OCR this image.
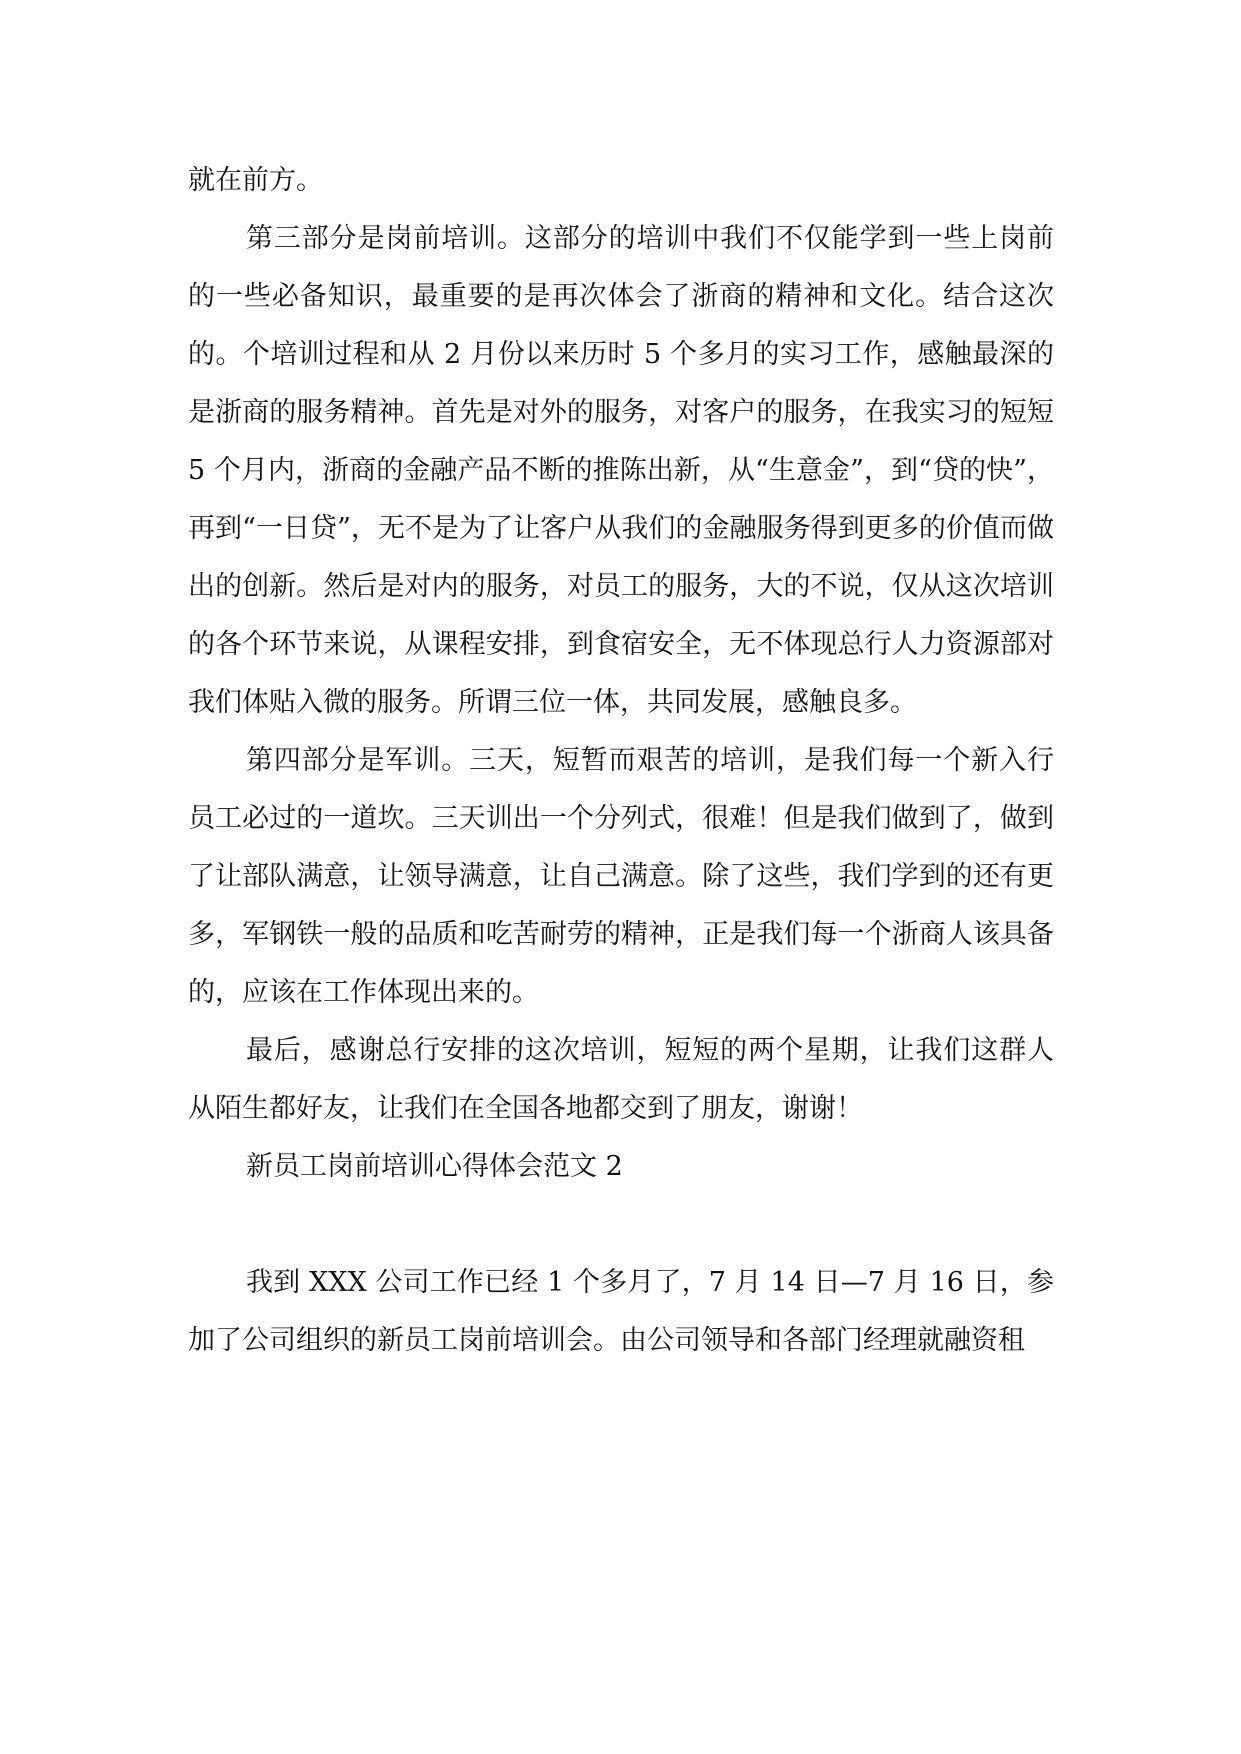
就在前方。

第三部分是岗前培训。这部分的培训中我们不仅能学到一些上岗前的一些必备知识，最重要的是再次体会了浙商的精神和文化。结合这次的。个培训过程和从 2 月份以来历时 5 个多月的实习工作，感触最深的是浙商的服务精神。首先是对外的服务，对客户的服务，在我实习的短短 5 个月内，浙商的金融产品不断的推陈出新，从“生意金”，到“贷的快”，再到“一日贷”，无不是为了让客户从我们的金融服务得到更多的价值而做出的创新。然后是对内的服务，对员工的服务，大的不说，仅从这次培训的各个环节来说，从课程安排，到食宿安全，无不体现总行人力资源部对我们体贴入微的服务。所谓三位一体，共同发展，感触良多。

第四部分是军训。三天，短暂而艰苦的培训，是我们每一个新入行员工必过的一道坎。三天训出一个分列式，很难！但是我们做到了，做到了让部队满意，让领导满意，让自己满意。除了这些，我们学到的还有更多，军钢铁一般的品质和吃苦耐劳的精神，正是我们每一个浙商人该具备的，应该在工作体现出来的。

最后，感谢总行安排的这次培训，短短的两个星期，让我们这群人从陌生都好友，让我们在全国各地都交到了朋友，谢谢！

新员工岗前培训心得体会范文 2

我到 XXX 公司工作已经 1 个多月了，7 月 14 日—7 月 16 日，参加了公司组织的新员工岗前培训会。由公司领导和各部门经理就融资租
